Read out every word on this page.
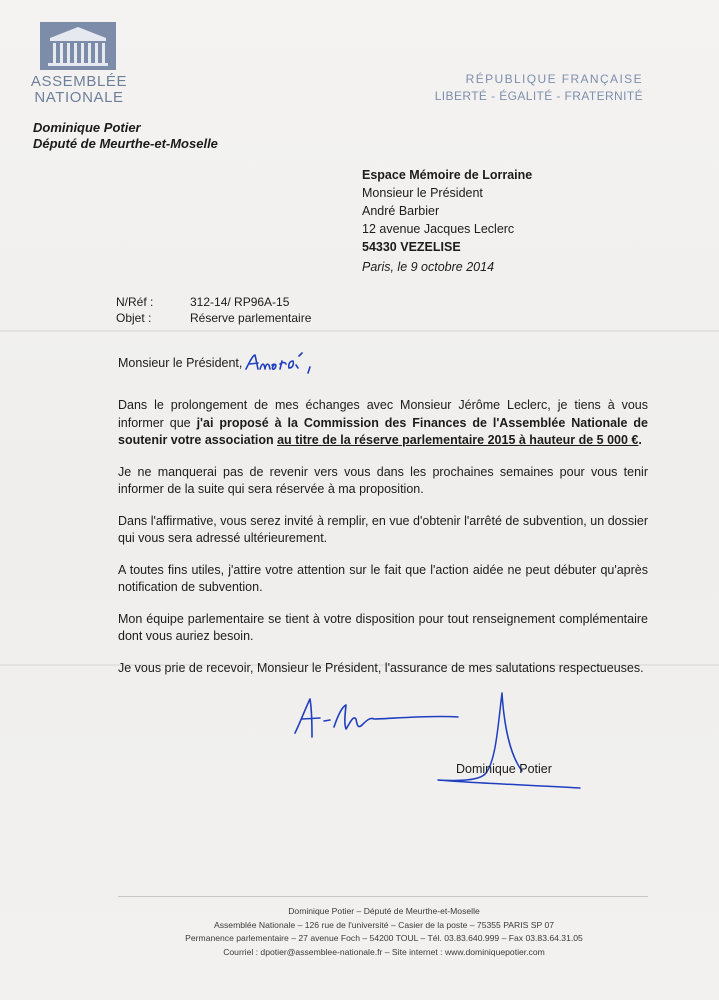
ASSEMBLÉE
NATIONALE
RÉPUBLIQUE FRANÇAISE
LIBERTÉ - ÉGALITÉ - FRATERNITÉ
Dominique Potier
Député de Meurthe-et-Moselle
Espace Mémoire de Lorraine
Monsieur le Président
André Barbier
12 avenue Jacques Leclerc
54330 VEZELISE
Paris, le 9 octobre 2014
N/Réf :	312-14/ RP96A-15
Objet :	Réserve parlementaire
Monsieur le Président,

Dans le prolongement de mes échanges avec Monsieur Jérôme Leclerc, je tiens à vous informer que j'ai proposé à la Commission des Finances de l'Assemblée Nationale de soutenir votre association au titre de la réserve parlementaire 2015 à hauteur de 5 000 €.

Je ne manquerai pas de revenir vers vous dans les prochaines semaines pour vous tenir informer de la suite qui sera réservée à ma proposition.

Dans l'affirmative, vous serez invité à remplir, en vue d'obtenir l'arrêté de subvention, un dossier qui vous sera adressé ultérieurement.

A toutes fins utiles, j'attire votre attention sur le fait que l'action aidée ne peut débuter qu'après notification de subvention.

Mon équipe parlementaire se tient à votre disposition pour tout renseignement complémentaire dont vous auriez besoin.

Je vous prie de recevoir, Monsieur le Président, l'assurance de mes salutations respectueuses.

Dominique Potier
Dominique Potier – Député de Meurthe-et-Moselle
Assemblée Nationale – 126 rue de l'université – Casier de la poste – 75355 PARIS SP 07
Permanence parlementaire – 27 avenue Foch – 54200 TOUL – Tél. 03.83.640.999 – Fax 03.83.64.31.05
Courriel : dpotier@assemblee-nationale.fr – Site internet : www.dominiquepotier.com
